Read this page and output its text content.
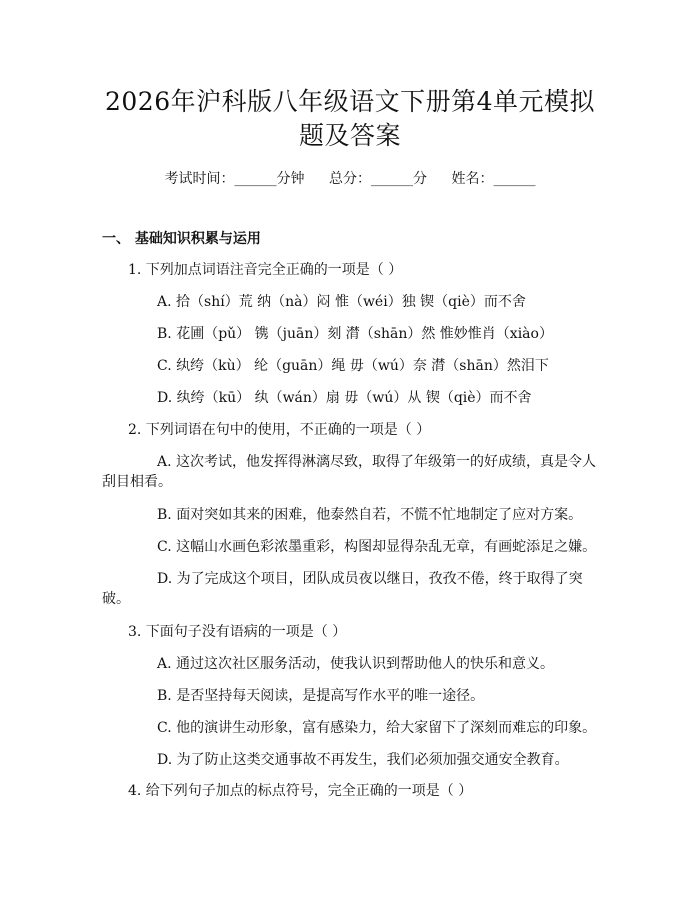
2026年沪科版八年级语文下册第4单元模拟
题及答案
考试时间：______分钟 总分：______分 姓名：______
一、 基础知识积累与运用
1. 下列加点词语注音完全正确的一项是（ ）
A. 拾（shí）荒 纳（nà）闷 惟（wéi）独 锲（qiè）而不舍
B. 花圃（pǔ） 镌（juān）刻 潸（shān）然 惟妙惟肖（xiào）
C. 纨绔（kù） 纶（guān）绳 毋（wú）奈 潸（shān）然泪下
D. 纨绔（kū） 纨（wán）扇 毋（wú）从 锲（qiè）而不舍
2. 下列词语在句中的使用，不正确的一项是（ ）
A. 这次考试，他发挥得淋漓尽致，取得了年级第一的好成绩，真是令人刮目相看。
B. 面对突如其来的困难，他泰然自若，不慌不忙地制定了应对方案。
C. 这幅山水画色彩浓墨重彩，构图却显得杂乱无章，有画蛇添足之嫌。
D. 为了完成这个项目，团队成员夜以继日，孜孜不倦，终于取得了突破。
3. 下面句子没有语病的一项是（ ）
A. 通过这次社区服务活动，使我认识到帮助他人的快乐和意义。
B. 是否坚持每天阅读，是提高写作水平的唯一途径。
C. 他的演讲生动形象，富有感染力，给大家留下了深刻而难忘的印象。
D. 为了防止这类交通事故不再发生，我们必须加强交通安全教育。
4. 给下列句子加点的标点符号，完全正确的一项是（ ）
